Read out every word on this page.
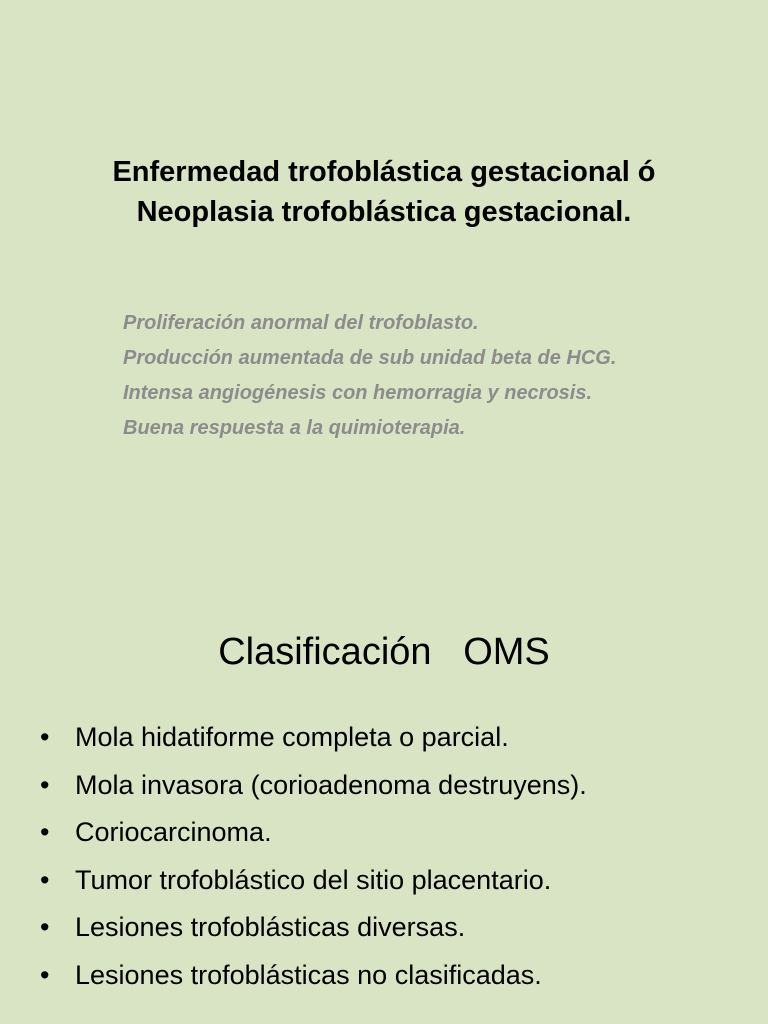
Enfermedad trofoblástica gestacional ó
Neoplasia trofoblástica gestacional.
Proliferación anormal del trofoblasto.
Producción aumentada de sub unidad beta de HCG.
Intensa angiogénesis con hemorragia y necrosis.
Buena respuesta a la quimioterapia.
Clasificación   OMS
• Mola hidatiforme completa o parcial.
• Mola invasora (corioadenoma destruyens).
• Coriocarcinoma.
• Tumor trofoblástico del sitio placentario.
• Lesiones trofoblásticas diversas.
• Lesiones trofoblásticas no clasificadas.
